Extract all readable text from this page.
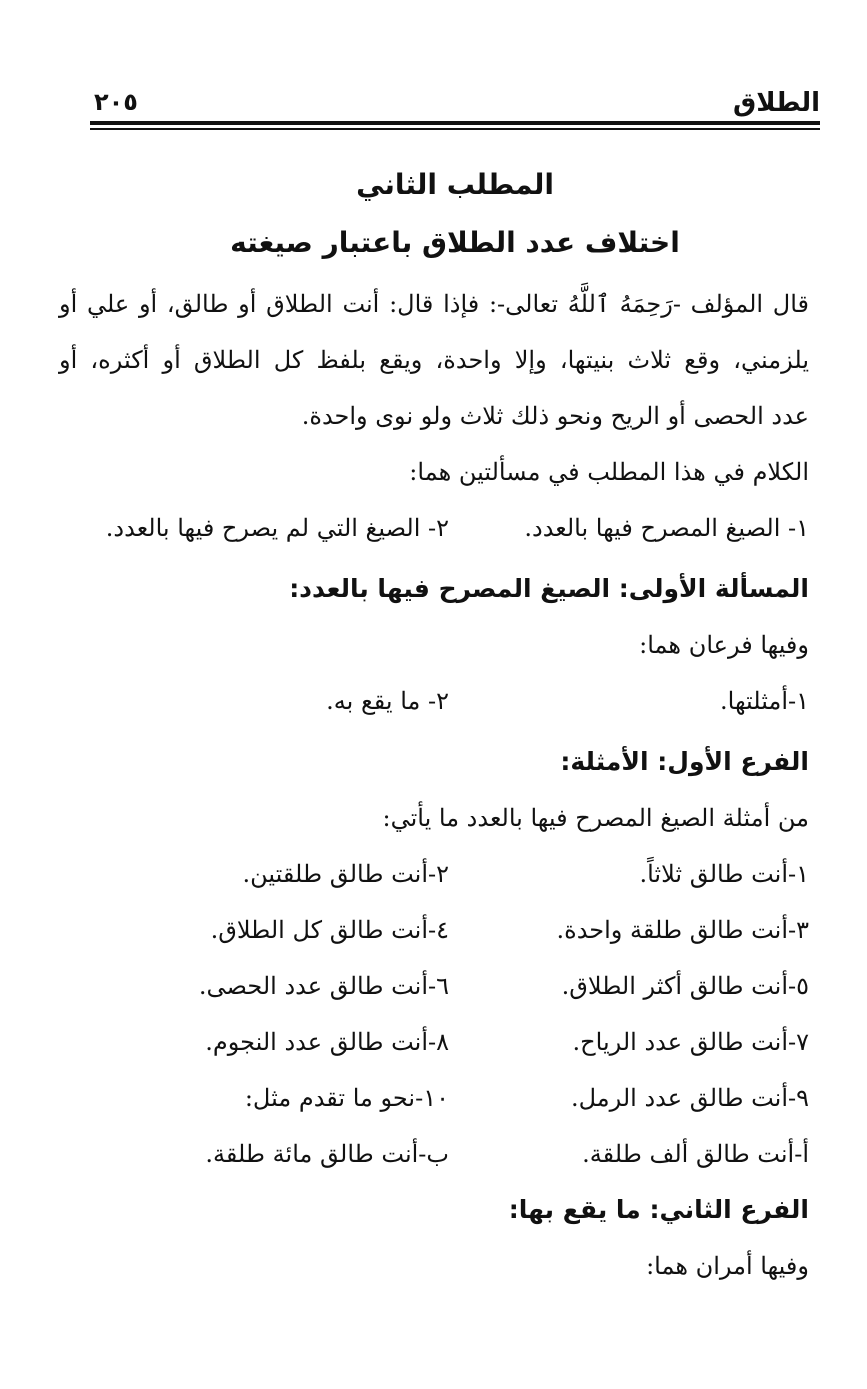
الطلاق
٢٠٥
المطلب الثاني
اختلاف عدد الطلاق باعتبار صيغته
قال المؤلف -رَحِمَهُ ٱللَّهُ تعالى-: فإذا قال: أنت الطلاق أو طالق، أو علي أو
يلزمني، وقع ثلاث بنيتها، وإلا واحدة، ويقع بلفظ كل الطلاق أو أكثره، أو
عدد الحصى أو الريح ونحو ذلك ثلاث ولو نوى واحدة.
الكلام في هذا المطلب في مسألتين هما:
١- الصيغ المصرح فيها بالعدد.
٢- الصيغ التي لم يصرح فيها بالعدد.
المسألة الأولى: الصيغ المصرح فيها بالعدد:
وفيها فرعان هما:
١-أمثلتها.
٢- ما يقع به.
الفرع الأول: الأمثلة:
من أمثلة الصيغ المصرح فيها بالعدد ما يأتي:
١-أنت طالق ثلاثاً.
٢-أنت طالق طلقتين.
٣-أنت طالق طلقة واحدة.
٤-أنت طالق كل الطلاق.
٥-أنت طالق أكثر الطلاق.
٦-أنت طالق عدد الحصى.
٧-أنت طالق عدد الرياح.
٨-أنت طالق عدد النجوم.
٩-أنت طالق عدد الرمل.
١٠-نحو ما تقدم مثل:
أ-أنت طالق ألف طلقة.
ب-أنت طالق مائة طلقة.
الفرع الثاني: ما يقع بها:
وفيها أمران هما:
